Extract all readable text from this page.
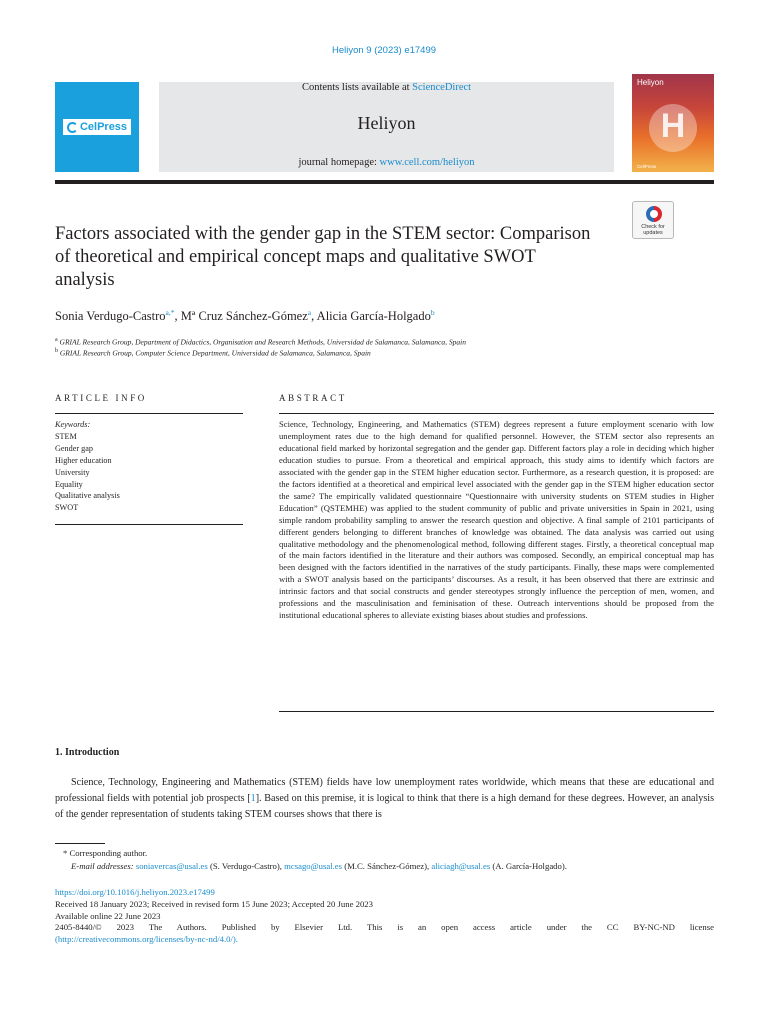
Heliyon 9 (2023) e17499
CelPress
Contents lists available at ScienceDirect
Heliyon
journal homepage: www.cell.com/heliyon
Heliyon
H
CellPress
Check for updates
Factors associated with the gender gap in the STEM sector: Comparison of theoretical and empirical concept maps and qualitative SWOT analysis
Sonia Verdugo-Castro$^{a,*}$, Mª Cruz Sánchez-Gómez$^a$, Alicia García-Holgado$^b$
$^a$ GRIAL Research Group, Department of Didactics, Organisation and Research Methods, Universidad de Salamanca, Salamanca, Spain
$^b$ GRIAL Research Group, Computer Science Department, Universidad de Salamanca, Salamanca, Spain
ARTICLE INFO	ABSTRACT
Keywords:
STEM
Gender gap
Higher education
University
Equality
Qualitative analysis
SWOT
Science, Technology, Engineering, and Mathematics (STEM) degrees represent a future employment scenario with low unemployment rates due to the high demand for qualified personnel. However, the STEM sector also represents an educational field marked by horizontal segregation and the gender gap. Different factors play a role in deciding which higher education studies to pursue. From a theoretical and empirical approach, this study aims to identify which factors are associated with the gender gap in the STEM higher education sector. Furthermore, as a research question, it is proposed: are the factors identified at a theoretical and empirical level associated with the gender gap in the STEM higher education sector the same? The empirically validated questionnaire “Questionnaire with university students on STEM studies in Higher Education” (QSTEMHE) was applied to the student community of public and private universities in Spain in 2021, using simple random probability sampling to answer the research question and objective. A final sample of 2101 participants of different genders belonging to different branches of knowledge was obtained. The data analysis was carried out using qualitative methodology and the phenomenological method, following different stages. Firstly, a theoretical conceptual map of the main factors identified in the literature and their authors was composed. Secondly, an empirical conceptual map has been designed with the factors identified in the narratives of the study participants. Finally, these maps were complemented with a SWOT analysis based on the participants’ discourses. As a result, it has been observed that there are extrinsic and intrinsic factors and that social constructs and gender stereotypes strongly influence the perception of men, women, and professions and the masculinisation and feminisation of these. Outreach interventions should be proposed from the institutional educational spheres to alleviate existing biases about studies and professions.
1. Introduction
Science, Technology, Engineering and Mathematics (STEM) fields have low unemployment rates worldwide, which means that these are educational and professional fields with potential job prospects [1]. Based on this premise, it is logical to think that there is a high demand for these degrees. However, an analysis of the gender representation of students taking STEM courses shows that there is
* Corresponding author.
E-mail addresses: soniavercas@usal.es (S. Verdugo-Castro), mcsago@usal.es (M.C. Sánchez-Gómez), aliciagh@usal.es (A. García-Holgado).
https://doi.org/10.1016/j.heliyon.2023.e17499
Received 18 January 2023; Received in revised form 15 June 2023; Accepted 20 June 2023
Available online 22 June 2023
2405-8440/© 2023 The Authors. Published by Elsevier Ltd. This is an open access article under the CC BY-NC-ND license
(http://creativecommons.org/licenses/by-nc-nd/4.0/).
